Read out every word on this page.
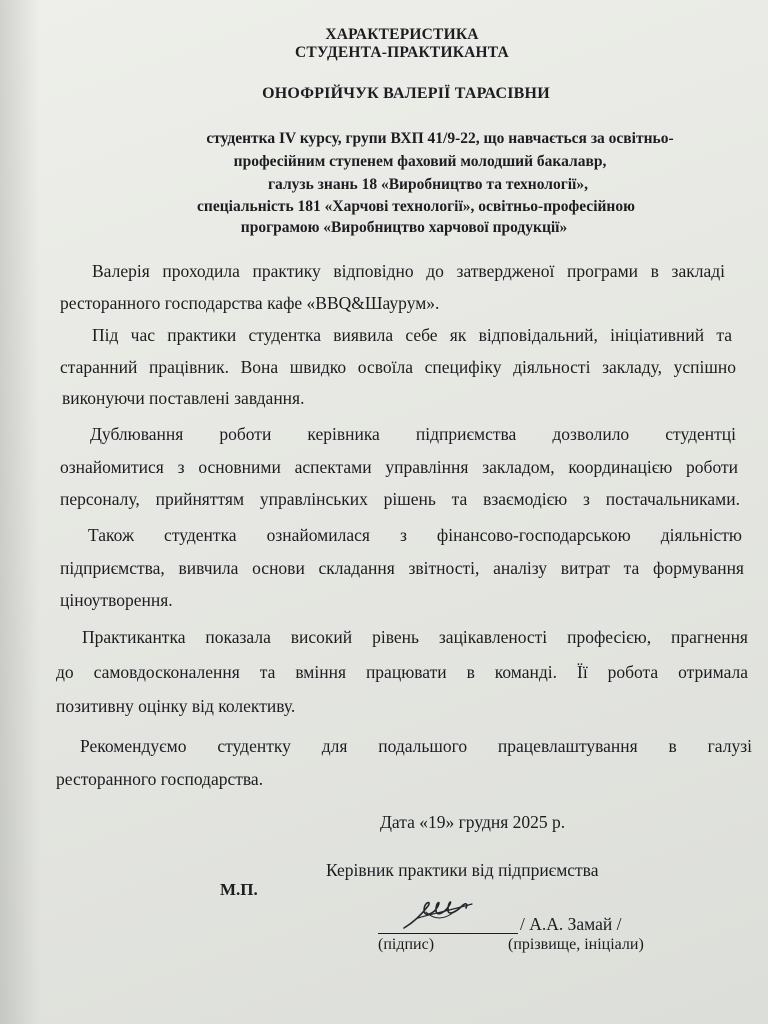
ХАРАКТЕРИСТИКА
СТУДЕНТА-ПРАКТИКАНТА
ОНОФРІЙЧУК ВАЛЕРІЇ ТАРАСІВНИ
студентка IV курсу, групи ВХП 41/9-22, що навчається за освітньо-
професійним ступенем фаховий молодший бакалавр,
галузь знань 18 «Виробництво та технології»,
спеціальність 181 «Харчові технології», освітньо-професійною
програмою «Виробництво харчової продукції»
Валерія проходила практику відповідно до затвердженої програми в закладі
ресторанного господарства кафе «BBQ&Шаурум».
Під час практики студентка виявила себе як відповідальний, ініціативний та
старанний працівник. Вона швидко освоїла специфіку діяльності закладу, успішно
виконуючи поставлені завдання.
Дублювання роботи керівника підприємства дозволило студентці
ознайомитися з основними аспектами управління закладом, координацією роботи
персоналу, прийняттям управлінських рішень та взаємодією з постачальниками.
Також студентка ознайомилася з фінансово-господарською діяльністю
підприємства, вивчила основи складання звітності, аналізу витрат та формування
ціноутворення.
Практикантка показала високий рівень зацікавленості професією, прагнення
до самовдосконалення та вміння працювати в команді. Її робота отримала
позитивну оцінку від колективу.
Рекомендуємо студентку для подальшого працевлаштування в галузі
ресторанного господарства.
Дата «19» грудня 2025 р.
Керівник практики від підприємства
М.П.
/ А.А. Замай /
(підпис)	(прізвище, ініціали)
